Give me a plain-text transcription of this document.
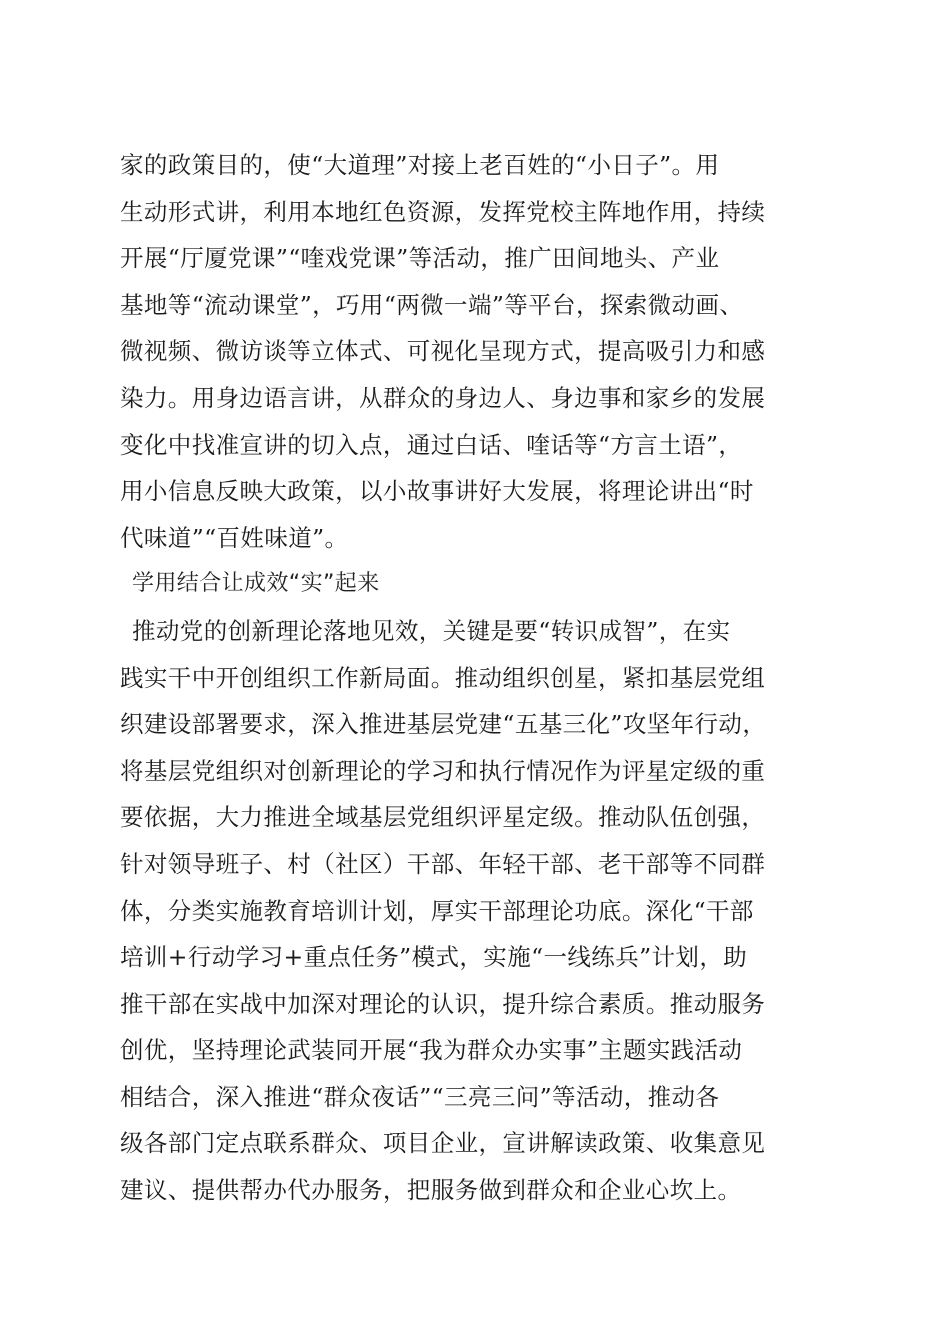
家的政策目的，使“大道理”对接上老百姓的“小日子”。用
生动形式讲，利用本地红色资源，发挥党校主阵地作用，持续
开展“厅厦党课”“喹戏党课”等活动，推广田间地头、产业
基地等“流动课堂”，巧用“两微一端”等平台，探索微动画、
微视频、微访谈等立体式、可视化呈现方式，提高吸引力和感
染力。用身边语言讲，从群众的身边人、身边事和家乡的发展
变化中找准宣讲的切入点，通过白话、喹话等“方言土语”，
用小信息反映大政策，以小故事讲好大发展，将理论讲出“时
代味道”“百姓味道”。
学用结合让成效“实”起来
推动党的创新理论落地见效，关键是要“转识成智”，在实
践实干中开创组织工作新局面。推动组织创星，紧扣基层党组
织建设部署要求，深入推进基层党建“五基三化”攻坚年行动，
将基层党组织对创新理论的学习和执行情况作为评星定级的重
要依据，大力推进全域基层党组织评星定级。推动队伍创强，
针对领导班子、村（社区）干部、年轻干部、老干部等不同群
体，分类实施教育培训计划，厚实干部理论功底。深化“干部
培训+行动学习+重点任务”模式，实施“一线练兵”计划，助
推干部在实战中加深对理论的认识，提升综合素质。推动服务
创优，坚持理论武装同开展“我为群众办实事”主题实践活动
相结合，深入推进“群众夜话”“三亮三问”等活动，推动各
级各部门定点联系群众、项目企业，宣讲解读政策、收集意见
建议、提供帮办代办服务，把服务做到群众和企业心坎上。
